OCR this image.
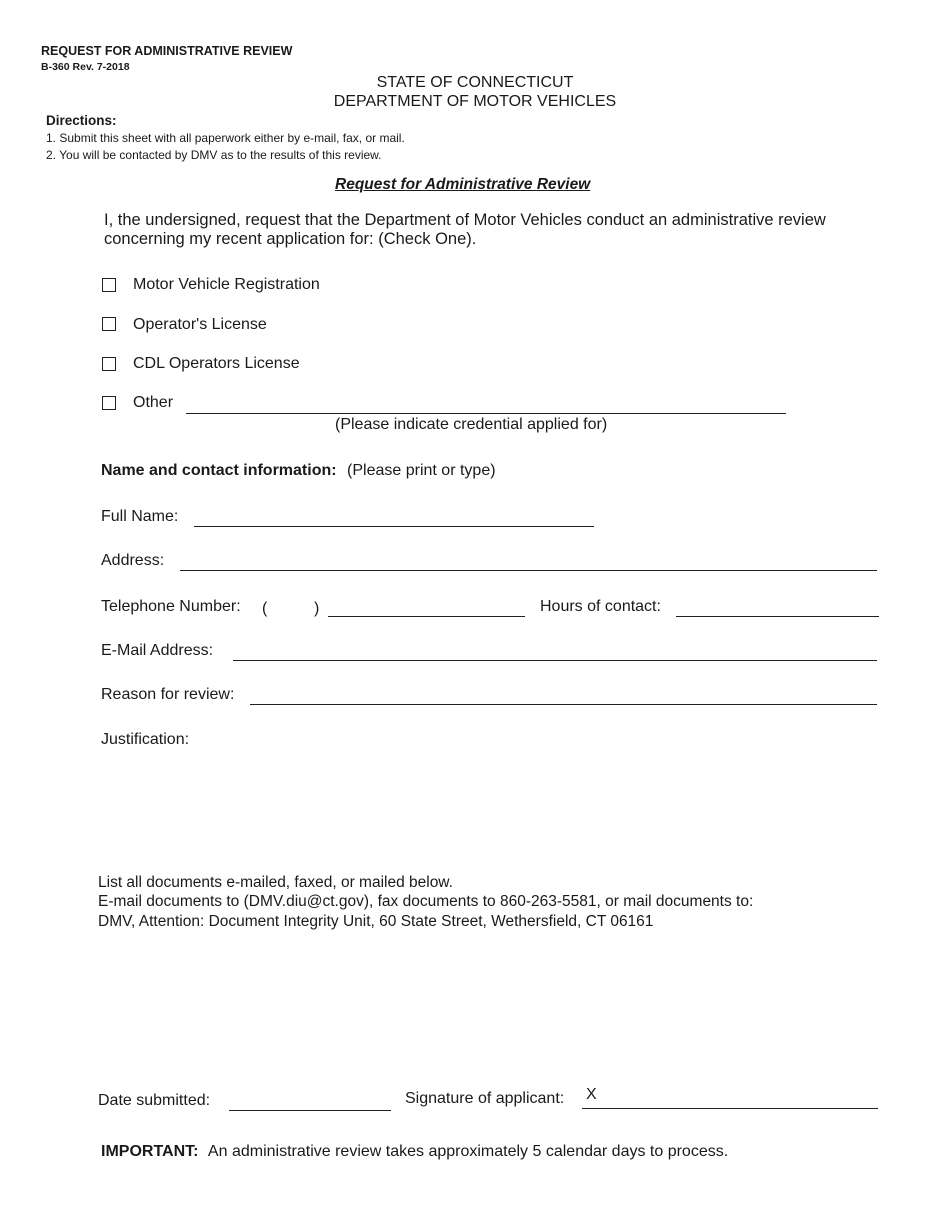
REQUEST FOR ADMINISTRATIVE REVIEW
B-360 Rev. 7-2018
STATE OF CONNECTICUT
DEPARTMENT OF MOTOR VEHICLES
Directions:
1. Submit this sheet with all paperwork either by e-mail, fax, or mail.
2. You will be contacted by DMV as to the results of this review.
Request for Administrative Review
I, the undersigned, request that the Department of Motor Vehicles conduct an administrative review concerning my recent application for: (Check One).
Motor Vehicle Registration
Operator's License
CDL Operators License
Other
(Please indicate credential applied for)
Name and contact information: (Please print or type)
Full Name:
Address:
Telephone Number: (	)	Hours of contact:
E-Mail Address:
Reason for review:
Justification:
List all documents e-mailed, faxed, or mailed below.
E-mail documents to (DMV.diu@ct.gov), fax documents to 860-263-5581, or mail documents to:
DMV, Attention: Document Integrity Unit, 60 State Street, Wethersfield, CT 06161
Date submitted:	Signature of applicant: X
IMPORTANT: An administrative review takes approximately 5 calendar days to process.
